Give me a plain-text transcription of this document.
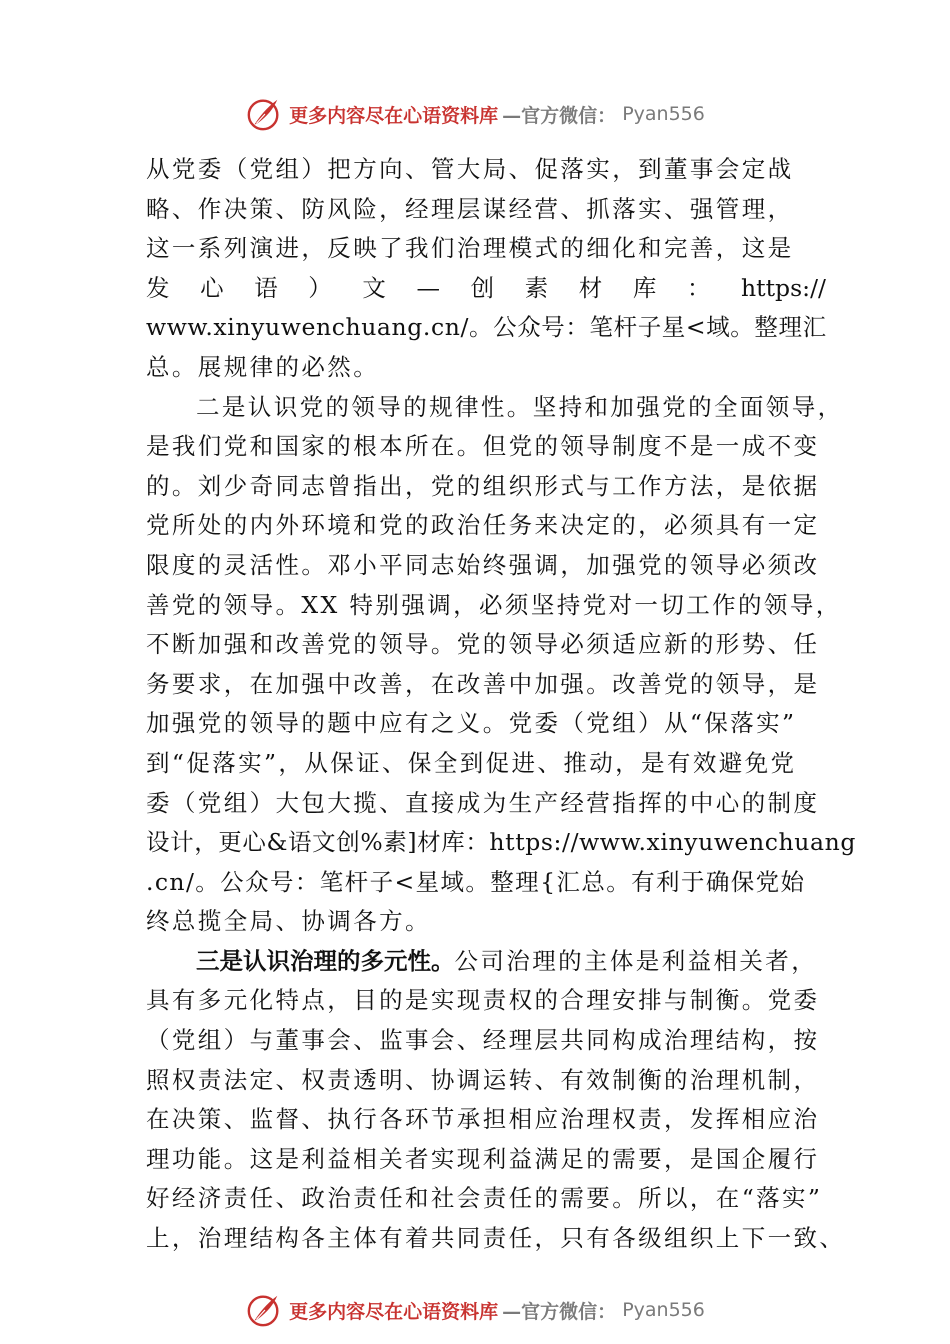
更多内容尽在心语资料库 —官方微信： Pyan556
从党委（党组）把方向、管大局、促落实，到董事会定战
略、作决策、防风险，经理层谋经营、抓落实、强管理，
这一系列演进，反映了我们治理模式的细化和完善，这是
发 心 语 ） 文 — 创 素 材 库 ： https://
www.xinyuwenchuang.cn/。公众号：笔杆子星<域。整理汇
总。展规律的必然。
二是认识党的领导的规律性。坚持和加强党的全面领导，
是我们党和国家的根本所在。但党的领导制度不是一成不变
的。刘少奇同志曾指出，党的组织形式与工作方法，是依据
党所处的内外环境和党的政治任务来决定的，必须具有一定
限度的灵活性。邓小平同志始终强调，加强党的领导必须改
善党的领导。XX 特别强调，必须坚持党对一切工作的领导，
不断加强和改善党的领导。党的领导必须适应新的形势、任
务要求，在加强中改善，在改善中加强。改善党的领导，是
加强党的领导的题中应有之义。党委（党组）从“保落实”
到“促落实”，从保证、保全到促进、推动，是有效避免党
委（党组）大包大揽、直接成为生产经营指挥的中心的制度
设计，更心&语文创%素]材库：https://www.xinyuwenchuang
.cn/。公众号：笔杆子<星域。整理{汇总。有利于确保党始
终总揽全局、协调各方。
三是认识治理的多元性。公司治理的主体是利益相关者，
具有多元化特点，目的是实现责权的合理安排与制衡。党委
（党组）与董事会、监事会、经理层共同构成治理结构，按
照权责法定、权责透明、协调运转、有效制衡的治理机制，
在决策、监督、执行各环节承担相应治理权责，发挥相应治
理功能。这是利益相关者实现利益满足的需要，是国企履行
好经济责任、政治责任和社会责任的需要。所以，在“落实”
上，治理结构各主体有着共同责任，只有各级组织上下一致、
更多内容尽在心语资料库 —官方微信： Pyan556
